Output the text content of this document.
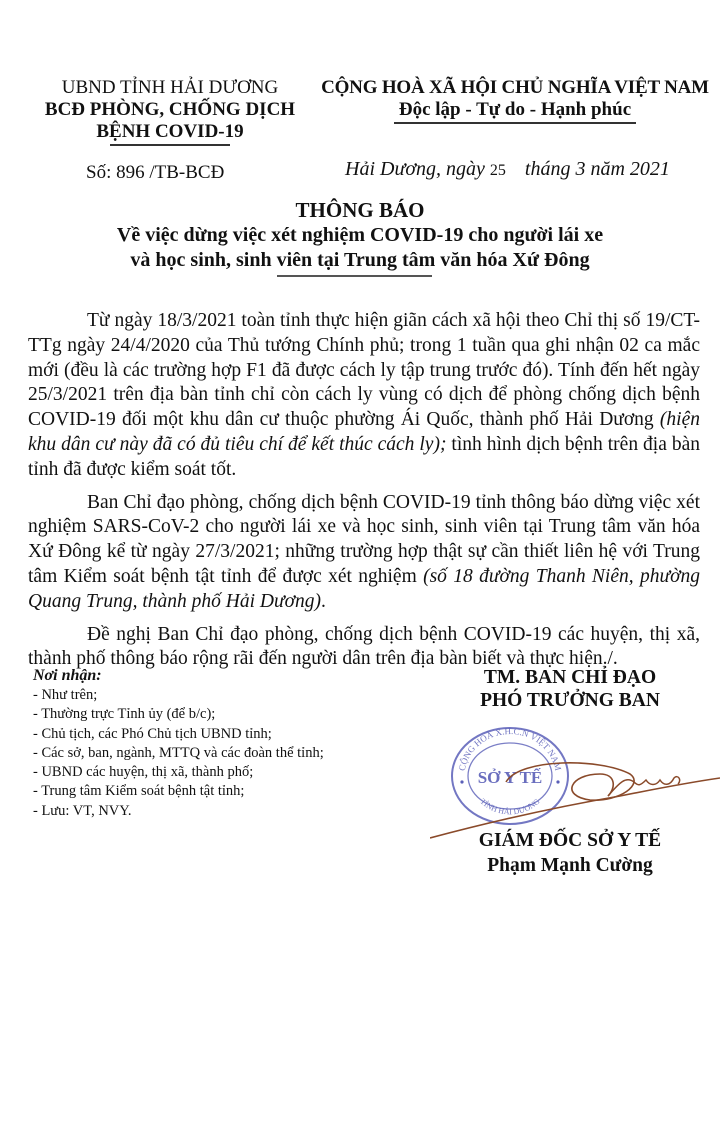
UBND TỈNH HẢI DƯƠNG
BCĐ PHÒNG, CHỐNG DỊCH
BỆNH COVID-19
Số: 896 /TB-BCĐ
CỘNG HOÀ XÃ HỘI CHỦ NGHĨA VIỆT NAM
Độc lập - Tự do - Hạnh phúc
Hải Dương, ngày 25 tháng 3 năm 2021
THÔNG BÁO
Về việc dừng việc xét nghiệm COVID-19 cho người lái xe
và học sinh, sinh viên tại Trung tâm văn hóa Xứ Đông

Từ ngày 18/3/2021 toàn tỉnh thực hiện giãn cách xã hội theo Chỉ thị số 19/CT-TTg ngày 24/4/2020 của Thủ tướng Chính phủ; trong 1 tuần qua ghi nhận 02 ca mắc mới (đều là các trường hợp F1 đã được cách ly tập trung trước đó). Tính đến hết ngày 25/3/2021 trên địa bàn tỉnh chỉ còn cách ly vùng có dịch để phòng chống dịch bệnh COVID-19 đối một khu dân cư thuộc phường Ái Quốc, thành phố Hải Dương (hiện khu dân cư này đã có đủ tiêu chí để kết thúc cách ly); tình hình dịch bệnh trên địa bàn tỉnh đã được kiểm soát tốt.

Ban Chỉ đạo phòng, chống dịch bệnh COVID-19 tỉnh thông báo dừng việc xét nghiệm SARS-CoV-2 cho người lái xe và học sinh, sinh viên tại Trung tâm văn hóa Xứ Đông kể từ ngày 27/3/2021; những trường hợp thật sự cần thiết liên hệ với Trung tâm Kiểm soát bệnh tật tỉnh để được xét nghiệm (số 18 đường Thanh Niên, phường Quang Trung, thành phố Hải Dương).

Đề nghị Ban Chỉ đạo phòng, chống dịch bệnh COVID-19 các huyện, thị xã, thành phố thông báo rộng rãi đến người dân trên địa bàn biết và thực hiện./.

Nơi nhận:
- Như trên;
- Thường trực Tỉnh ủy (để b/c);
- Chủ tịch, các Phó Chủ tịch UBND tỉnh;
- Các sở, ban, ngành, MTTQ và các đoàn thể tỉnh;
- UBND các huyện, thị xã, thành phố;
- Trung tâm Kiểm soát bệnh tật tỉnh;
- Lưu: VT, NVY.
TM. BAN CHỈ ĐẠO
PHÓ TRƯỞNG BAN
CỘNG HOÀ X.H.C.N VIỆT NAM
TỈNH HẢI DƯƠNG
SỞ Y TẾ
GIÁM ĐỐC SỞ Y TẾ
Phạm Mạnh Cường
